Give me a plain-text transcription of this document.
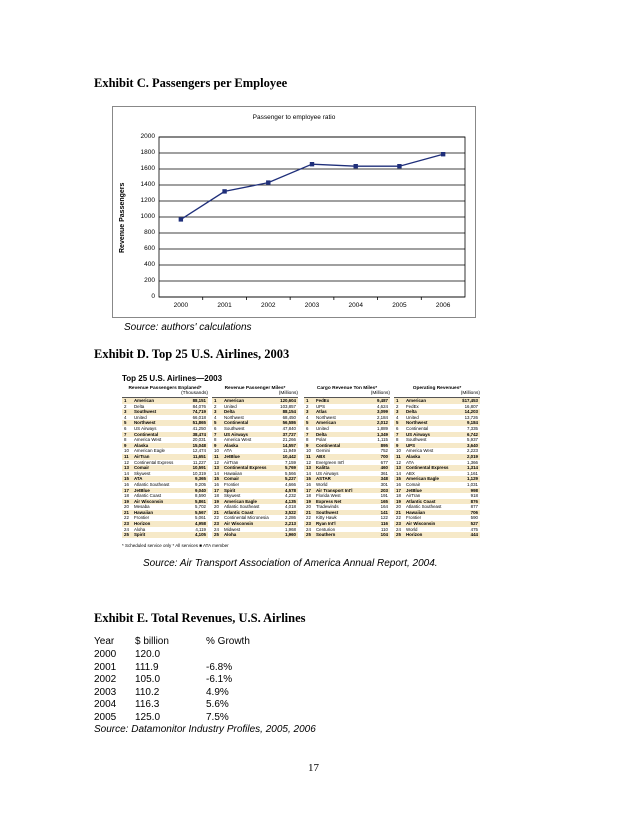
Exhibit C. Passengers per Employee
Passenger to employee ratio
Revenue Passengers
0
200
400
600
800
1000
1200
1400
1600
1800
2000
2000	2001	2002	2003	2004	2005	2006
Source: authors' calculations
Exhibit D. Top 25 U.S. Airlines, 2003
Top 25 U.S. Airlines—2003
Revenue Passengers Enplaned*
(Thousands)
1 American	88,151
2 Delta	84,076
3 Southwest	74,719
4 United	66,018
5 Northwest	51,865
6 US Airways	41,250
7 Continental	38,474
8 America West	20,031
9 Alaska	15,048
10 American Eagle	12,474
11 AirTran	11,651
12 Continental Express	11,227
13 Comair	10,591
14 Skywest	10,319
15 ATA	9,365
16 Atlantic Southeast	9,205
17 JetBlue	9,040
18 Atlantic Coast	8,590
19 Air Wisconsin	5,861
20 Mesaba	5,702
21 Hawaiian	5,567
22 Frontier	5,061
23 Horizon	4,958
24 Aloha	4,119
25 Spirit	4,105
Revenue Passenger Miles*
(Millions)
1 American	120,604
2 United	103,857
3 Delta	88,154
4 Northwest	68,450
5 Continental	56,586
6 Southwest	47,840
7 US Airways	37,727
8 America West	21,266
9 Alaska	14,557
10 ATA	11,949
11 JetBlue	10,442
12 AirTran	7,159
13 Continental Express	5,769
14 Hawaiian	5,566
15 Comair	5,227
16 Frontier	4,666
17 Spirit	4,578
18 Skywest	4,232
19 American Eagle	4,135
20 Atlantic Southeast	4,018
21 Atlantic Coast	3,522
22 Continental Micronesia	2,286
23 Air Wisconsin	2,213
24 Midwest	1,968
25 Aloha	1,960
Cargo Revenue Ton Miles*
(Millions)
1 FedEx	9,487
2 UPS	4,624
3 Atlas	3,099
4 Northwest	2,184
5 American	2,012
6 United	1,889
7 Delta	1,349
8 Polar	1,115
9 Continental	895
10 Gemini	752
11 ABX	700
12 Evergreen Int'l	677
13 Kalitta	460
14 US Airways	361
15 ASTAR	348
16 World	301
17 Air Transport Int'l	203
18 Florida West	191
19 Express Net	165
20 Tradewinds	164
21 Southwest	141
22 Kitty Hawk	122
23 Ryan Int'l	116
24 Centurion	110
25 Southern	104
Operating Revenues*
(Millions)
1 American	$17,453
2 FedEx	16,807
3 Delta	14,203
4 United	13,726
5 Northwest	9,184
6 Continental	7,335
7 US Airways	6,742
8 Southwest	5,937
9 UPS	3,640
10 America West	2,223
11 Alaska	2,019
12 ATA	1,366
13 Continental Express	1,314
14 ABX	1,161
15 American Eagle	1,129
16 Comair	1,031
17 JetBlue	998
18 AirTran	918
19 Atlantic Coast	876
20 Atlantic Southeast	877
21 Hawaiian	706
22 Frontier	590
23 Air Wisconsin	527
24 World	475
25 Horizon	444
* Scheduled service only * All services ■ ATA member
Source: Air Transport Association of America Annual Report, 2004.
Exhibit E. Total Revenues, U.S. Airlines
Year $ billion	% Growth
2000 120.0
2001 111.9	-6.8%
2002 105.0	-6.1%
2003 110.2	4.9%
2004 116.3	5.6%
2005 125.0	7.5%
Source: Datamonitor Industry Profiles, 2005, 2006
17
